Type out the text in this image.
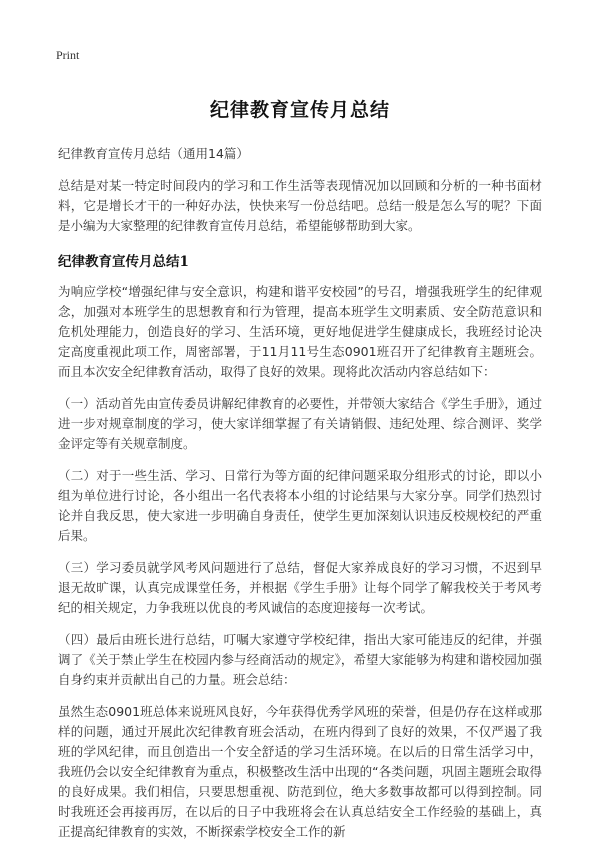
Print
纪律教育宣传月总结
纪律教育宣传月总结（通用14篇）

总结是对某一特定时间段内的学习和工作生活等表现情况加以回顾和分析的一种书面材料，它是增长才干的一种好办法，快快来写一份总结吧。总结一般是怎么写的呢？下面是小编为大家整理的纪律教育宣传月总结，希望能够帮助到大家。

纪律教育宣传月总结1

为响应学校“增强纪律与安全意识，构建和谐平安校园”的号召，增强我班学生的纪律观念，加强对本班学生的思想教育和行为管理，提高本班学生文明素质、安全防范意识和危机处理能力，创造良好的学习、生活环境，更好地促进学生健康成长，我班经讨论决定高度重视此项工作，周密部署，于11月11号生态0901班召开了纪律教育主题班会。而且本次安全纪律教育活动，取得了良好的效果。现将此次活动内容总结如下：

（一）活动首先由宣传委员讲解纪律教育的必要性，并带领大家结合《学生手册》，通过进一步对规章制度的学习，使大家详细掌握了有关请销假、违纪处理、综合测评、奖学金评定等有关规章制度。

（二）对于一些生活、学习、日常行为等方面的纪律问题采取分组形式的讨论，即以小组为单位进行讨论，各小组出一名代表将本小组的讨论结果与大家分享。同学们热烈讨论并自我反思，使大家进一步明确自身责任，使学生更加深刻认识违反校规校纪的严重后果。

（三）学习委员就学风考风问题进行了总结，督促大家养成良好的学习习惯，不迟到早退无故旷课，认真完成课堂任务，并根据《学生手册》让每个同学了解我校关于考风考纪的相关规定，力争我班以优良的考风诚信的态度迎接每一次考试。

（四）最后由班长进行总结，叮嘱大家遵守学校纪律，指出大家可能违反的纪律，并强调了《关于禁止学生在校园内参与经商活动的规定》，希望大家能够为构建和谐校园加强自身约束并贡献出自己的力量。班会总结：

虽然生态0901班总体来说班风良好，今年获得优秀学风班的荣誉，但是仍存在这样或那样的问题，通过开展此次纪律教育班会活动，在班内得到了良好的效果，不仅严遏了我班的学风纪律，而且创造出一个安全舒适的学习生活环境。在以后的日常生活学习中，我班仍会以安全纪律教育为重点，积极整改生活中出现的“各类问题，巩固主题班会取得的良好成果。我们相信，只要思想重视、防范到位，绝大多数事故都可以得到控制。同时我班还会再接再厉，在以后的日子中我班将会在认真总结安全工作经验的基础上，真正提高纪律教育的实效，不断探索学校安全工作的新
